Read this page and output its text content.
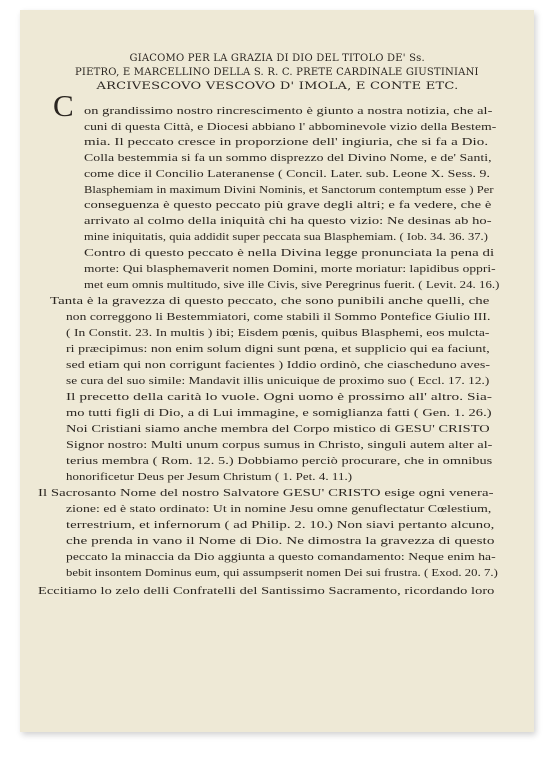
GIACOMO PER LA GRAZIA DI DIO DEL TITOLO DE' Ss.
PIETRO, E MARCELLINO DELLA S. R. C. PRETE CARDINALE GIUSTINIANI
ARCIVESCOVO VESCOVO D' IMOLA, E CONTE ETC.
C on grandissimo nostro rincrescimento è giunto a nostra notizia, che al-
cuni di questa Città, e Diocesi abbiano l' abbominevole vizio della Bestem-
mia. Il peccato cresce in proporzione dell' ingiuria, che si fa a Dio.
Colla bestemmia si fa un sommo disprezzo del Divino Nome, e de' Santi,
come dice il Concilio Lateranense ( Concil. Later. sub. Leone X. Sess. 9.
Blasphemiam in maximum Divini Nominis, et Sanctorum contemptum esse ) Per
conseguenza è questo peccato più grave degli altri; e fa vedere, che è
arrivato al colmo della iniquità chi ha questo vizio: Ne desinas ab ho-
mine iniquitatis, quia addidit super peccata sua Blasphemiam. ( Iob. 34. 36. 37.)
Contro di questo peccato è nella Divina legge pronunciata la pena di
morte: Qui blasphemaverit nomen Domini, morte moriatur: lapidibus oppri-
met eum omnis multitudo, sive ille Civis, sive Peregrinus fuerit. ( Levit. 24. 16.)
Tanta è la gravezza di questo peccato, che sono punibili anche quelli, che
non correggono li Bestemmiatori, come stabilì il Sommo Pontefice Giulio III.
( In Constit. 23. In multis ) ibi; Eisdem pœnis, quibus Blasphemi, eos mulcta-
ri præcipimus: non enim solum digni sunt pœna, et supplicio qui ea faciunt,
sed etiam qui non corrigunt facientes ) Iddio ordinò, che ciascheduno aves-
se cura del suo simile: Mandavit illis unicuique de proximo suo ( Eccl. 17. 12.)
Il precetto della carità lo vuole. Ogni uomo è prossimo all' altro. Sia-
mo tutti figli di Dio, a di Lui immagine, e somiglianza fatti ( Gen. 1. 26.)
Noi Cristiani siamo anche membra del Corpo mistico di GESU' CRISTO
Signor nostro: Multi unum corpus sumus in Christo, singuli autem alter al-
terius membra ( Rom. 12. 5.) Dobbiamo perciò procurare, che in omnibus
honorificetur Deus per Jesum Christum ( 1. Pet. 4. 11.)
Il Sacrosanto Nome del nostro Salvatore GESU' CRISTO esige ogni venera-
zione: ed è stato ordinato: Ut in nomine Jesu omne genuflectatur Cœlestium,
terrestrium, et infernorum ( ad Philip. 2. 10.) Non siavi pertanto alcuno,
che prenda in vano il Nome di Dio. Ne dimostra la gravezza di questo
peccato la minaccia da Dio aggiunta a questo comandamento: Neque enim ha-
bebit insontem Dominus eum, qui assumpserit nomen Dei sui frustra. ( Exod. 20. 7.)
Eccitiamo lo zelo delli Confratelli del Santissimo Sacramento, ricordando loro
